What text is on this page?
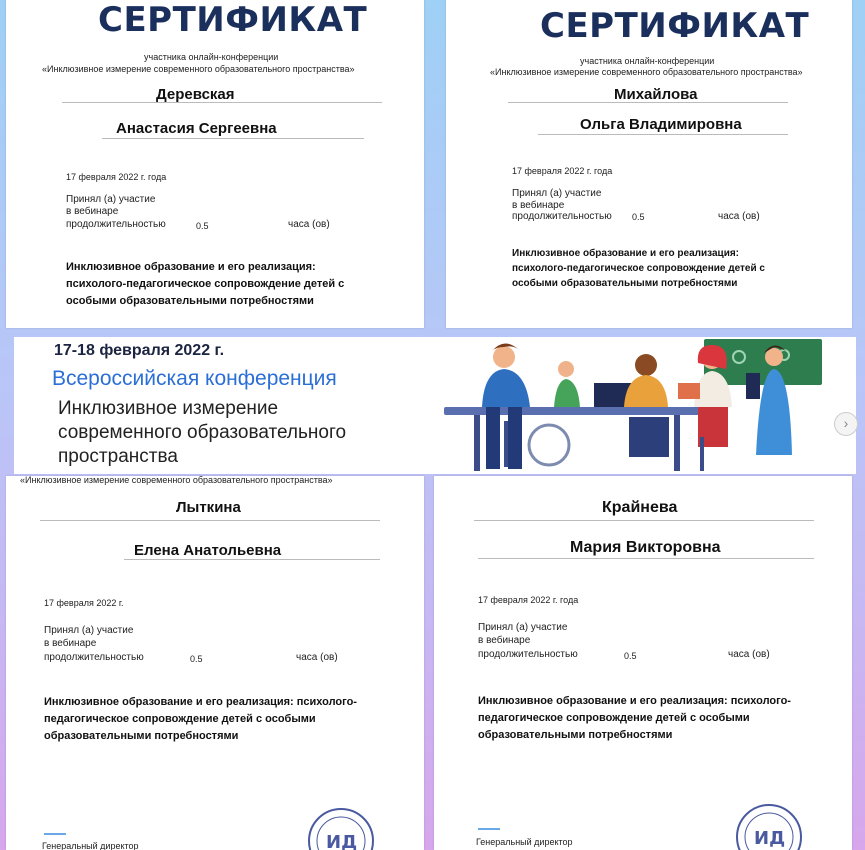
СЕРТИФИКАТ
участника онлайн-конференции
«Инклюзивное измерение современного образовательного пространства»
Деревская
Анастасия Сергеевна
17 февраля 2022 г. года
Принял (а) участие
в вебинаре
продолжительностью	0.5	часа (ов)
Инклюзивное образование и его реализация: психолого-педагогическое сопровождение детей с особыми образовательными потребностями
СЕРТИФИКАТ
участника онлайн-конференции
«Инклюзивное измерение современного образовательного пространства»
Михайлова
Ольга Владимировна
17 февраля 2022 г. года
Принял (а) участие
в вебинаре
продолжительностью 0.5	часа (ов)
Инклюзивное образование и его реализация: психолого-педагогическое сопровождение детей с особыми образовательными потребностями
17-18 февраля 2022 г.
Всероссийская конференция
Инклюзивное измерение
современного образовательного
пространства
›
«Инклюзивное измерение современного образовательного пространства»
Лыткина
Елена Анатольевна
17 февраля 2022 г.
Принял (а) участие
в вебинаре
продолжительностью	0.5	часа (ов)
Инклюзивное образование и его реализация: психолого-педагогическое сопровождение детей с особыми образовательными потребностями
Генеральный директор	ИД
Крайнева
Мария Викторовна
17 февраля 2022 г. года
Принял (а) участие
в вебинаре
продолжительностью	0.5	часа (ов)
Инклюзивное образование и его реализация: психолого-педагогическое сопровождение детей с особыми образовательными потребностями
Генеральный директор	ИД
